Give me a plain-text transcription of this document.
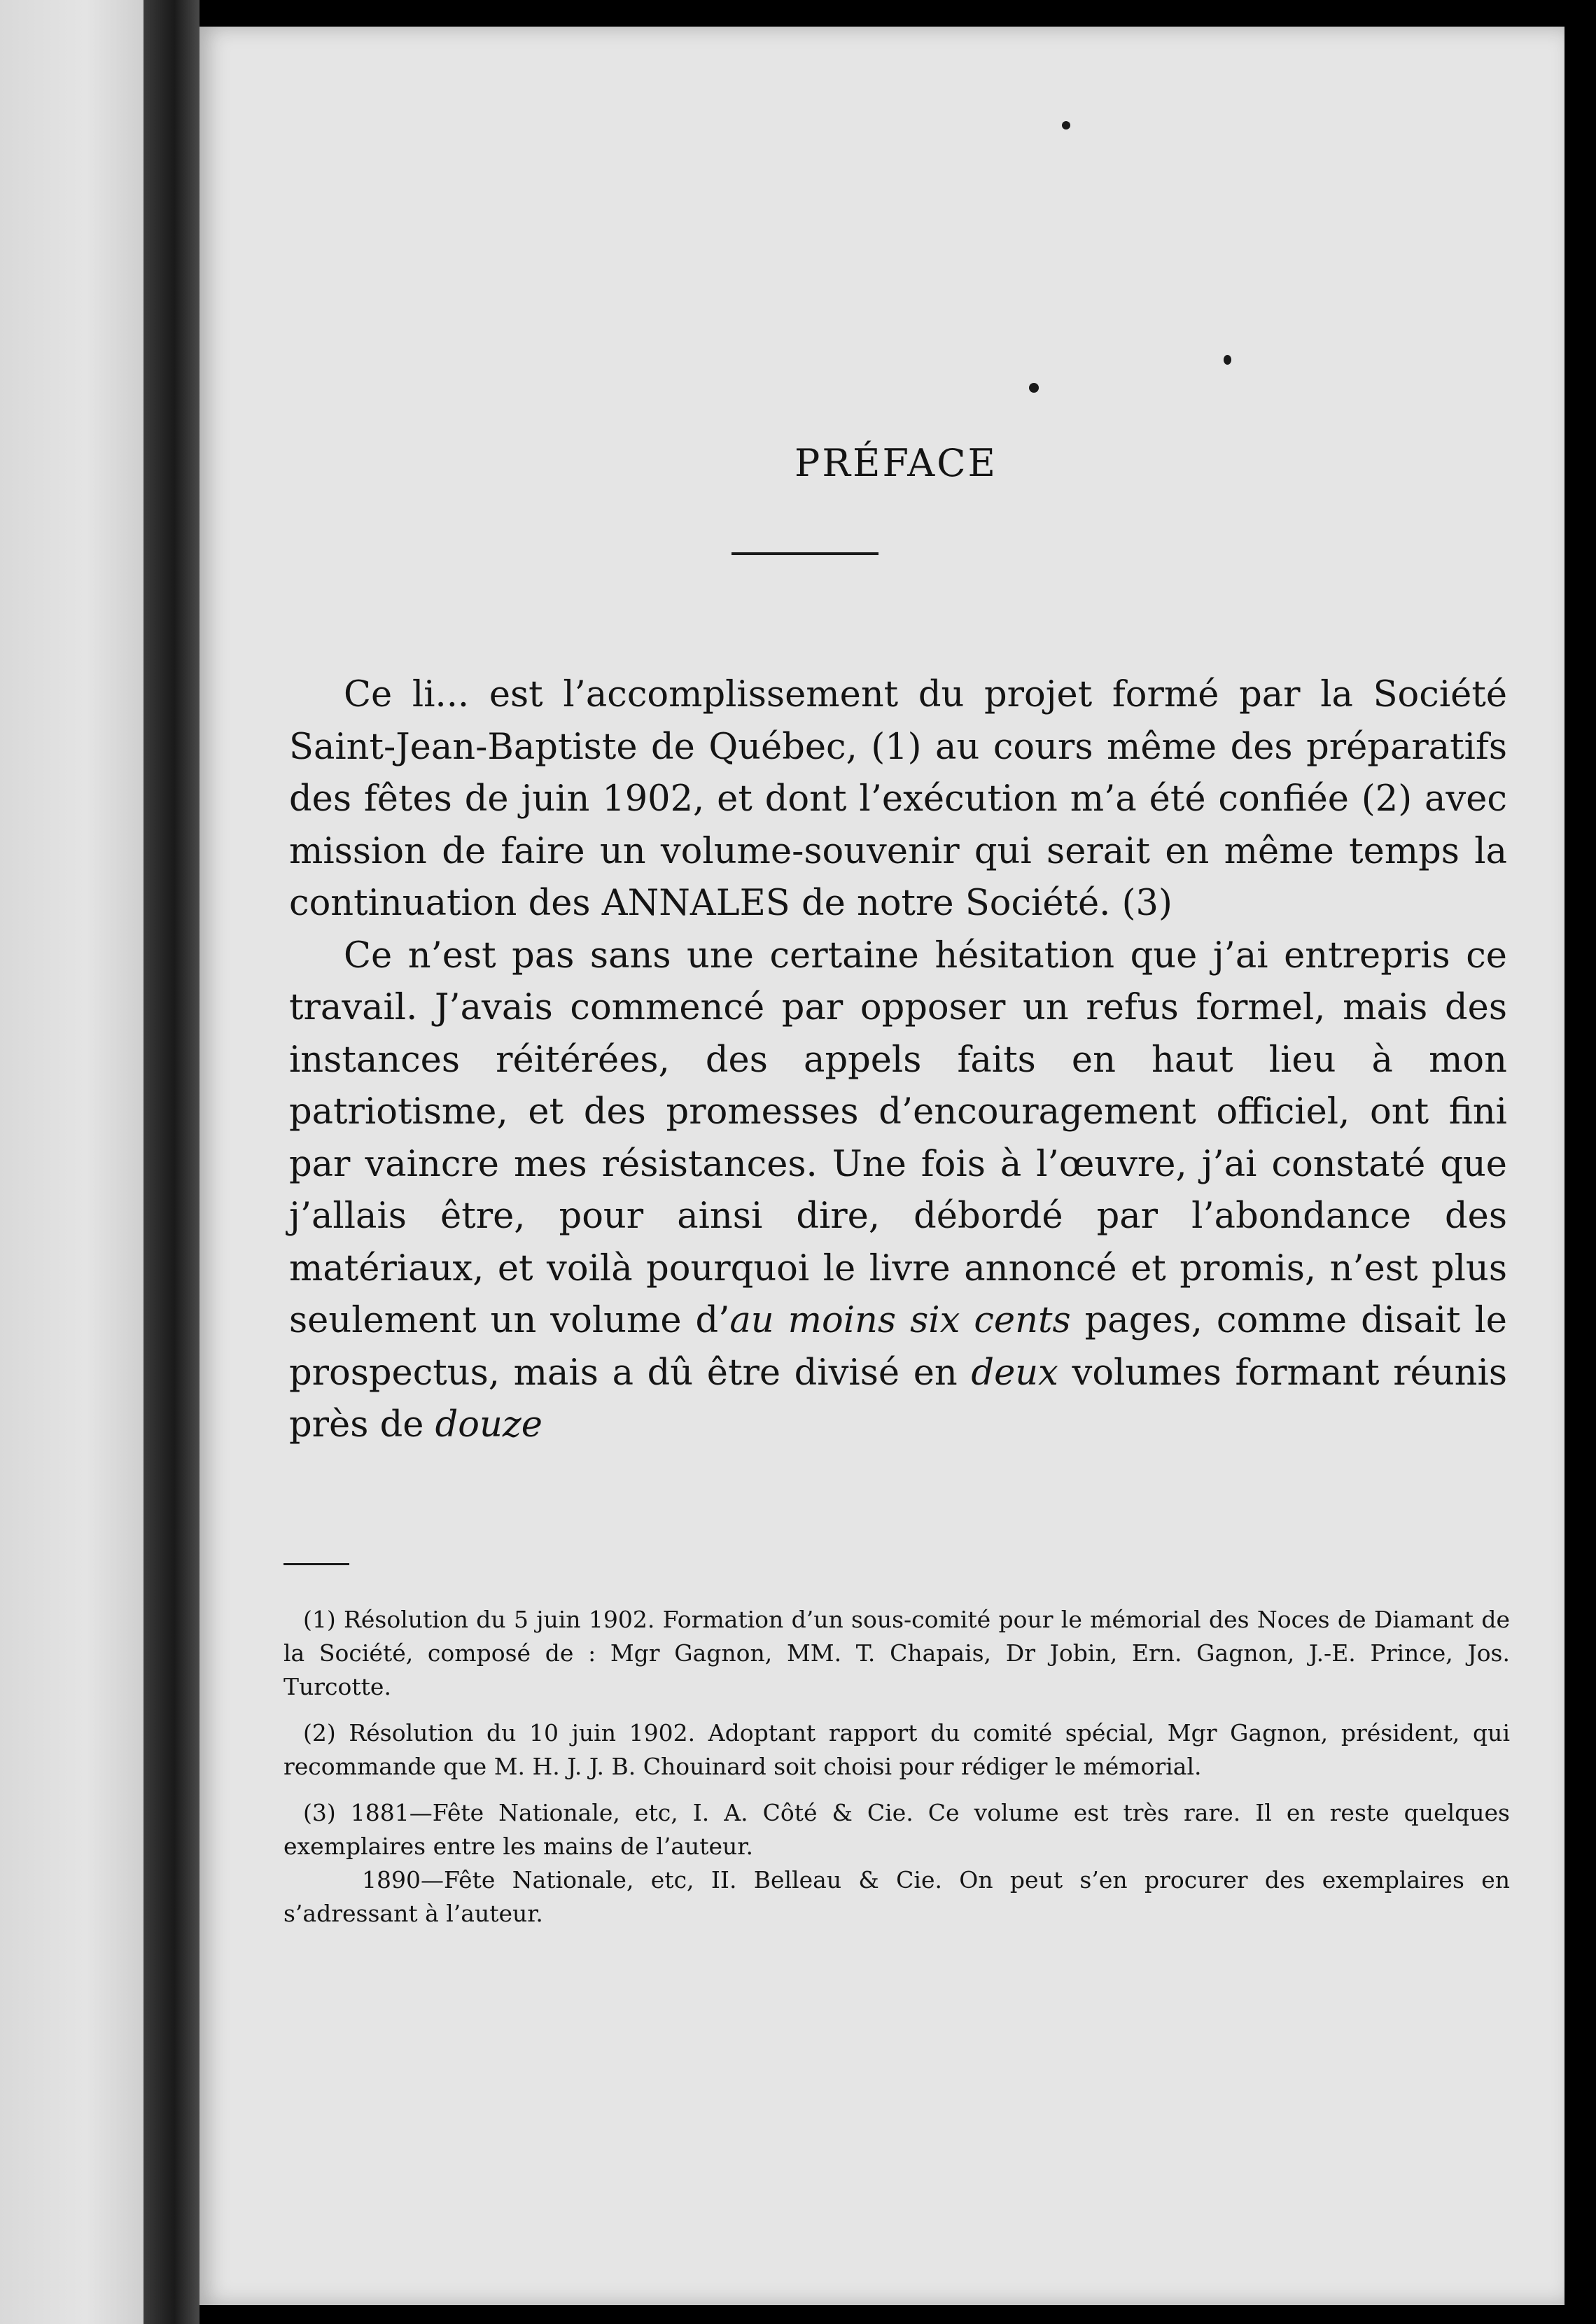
PRÉFACE

Ce li... est l’accomplissement du projet formé par la Société Saint-Jean-Baptiste de Québec, (1) au cours même des préparatifs des fêtes de juin 1902, et dont l’exécution m’a été confiée (2) avec mission de faire un volume-souvenir qui serait en même temps la continuation des ANNALES de notre Société. (3)

Ce n’est pas sans une certaine hésitation que j’ai entrepris ce travail. J’avais commencé par opposer un refus formel, mais des instances réitérées, des appels faits en haut lieu à mon patriotisme, et des promesses d’encouragement officiel, ont fini par vaincre mes résistances. Une fois à l’œuvre, j’ai constaté que j’allais être, pour ainsi dire, débordé par l’abondance des matériaux, et voilà pourquoi le livre annoncé et promis, n’est plus seulement un volume d’au moins six cents pages, comme disait le prospectus, mais a dû être divisé en deux volumes formant réunis près de douze

(1) Résolution du 5 juin 1902. Formation d’un sous-comité pour le mémorial des Noces de Diamant de la Société, composé de : Mgr Gagnon, MM. T. Chapais, Dr Jobin, Ern. Gagnon, J.-E. Prince, Jos. Turcotte.

(2) Résolution du 10 juin 1902. Adoptant rapport du comité spécial, Mgr Gagnon, président, qui recommande que M. H. J. J. B. Chouinard soit choisi pour rédiger le mémorial.

(3) 1881—Fête Nationale, etc, I. A. Côté & Cie. Ce volume est très rare. Il en reste quelques exemplaires entre les mains de l’auteur.

1890—Fête Nationale, etc, II. Belleau & Cie. On peut s’en procurer des exemplaires en s’adressant à l’auteur.
